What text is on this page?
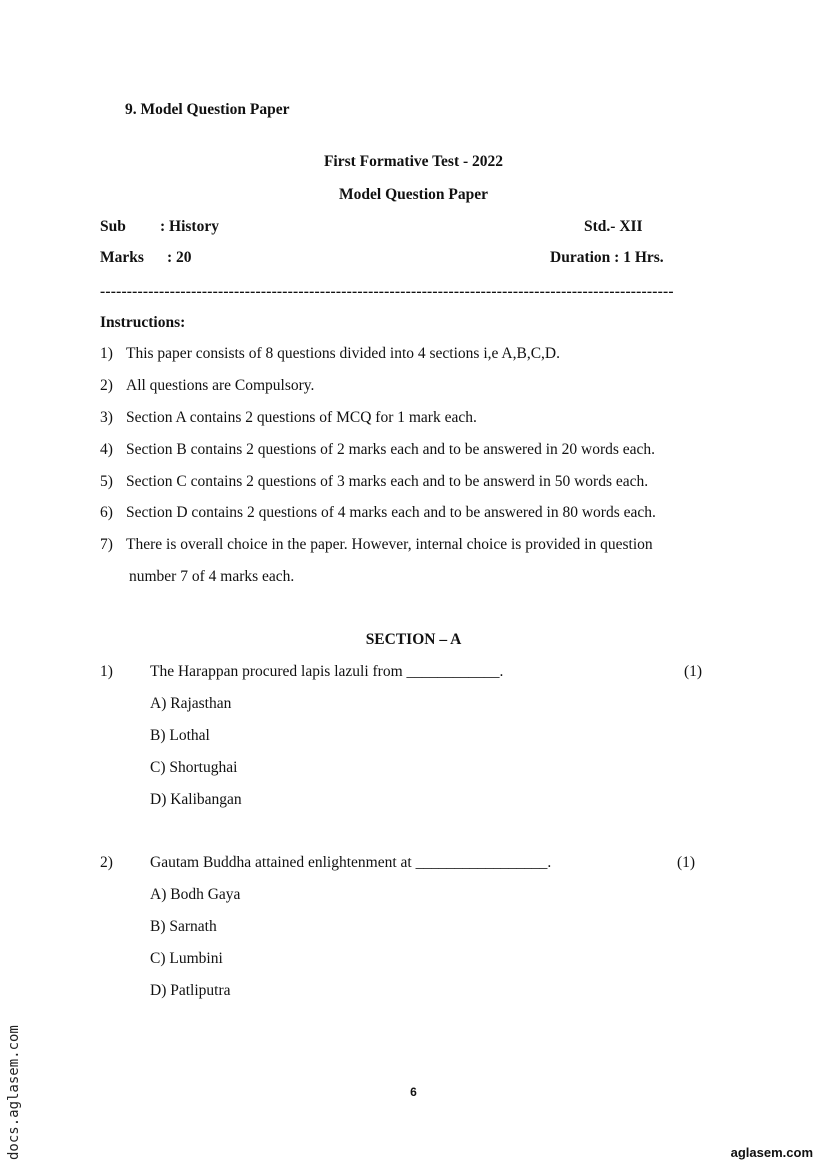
9. Model Question Paper
First Formative Test - 2022
Model Question Paper
Sub : History	Std.- XII
Marks : 20	Duration : 1 Hrs.
-----------------------------------------------------------------------------------------------------------
Instructions:
1) This paper consists of 8 questions divided into 4 sections i,e A,B,C,D.
2) All questions are Compulsory.
3) Section A contains 2 questions of MCQ for 1 mark each.
4) Section B contains 2 questions of 2 marks each and to be answered in 20 words each.
5) Section C contains 2 questions of 3 marks each and to be answerd in 50 words each.
6) Section D contains 2 questions of 4 marks each and to be answered in 80 words each.
7) There is overall choice in the paper. However, internal choice is provided in question
number 7 of 4 marks each.
SECTION – A
1) The Harappan procured lapis lazuli from ____________.	(1)
A) Rajasthan
B) Lothal
C) Shortughai
D) Kalibangan
2) Gautam Buddha attained enlightenment at _________________.	(1)
A) Bodh Gaya
B) Sarnath
C) Lumbini
D) Patliputra
6
docs.aglasem.com	aglasem.com
